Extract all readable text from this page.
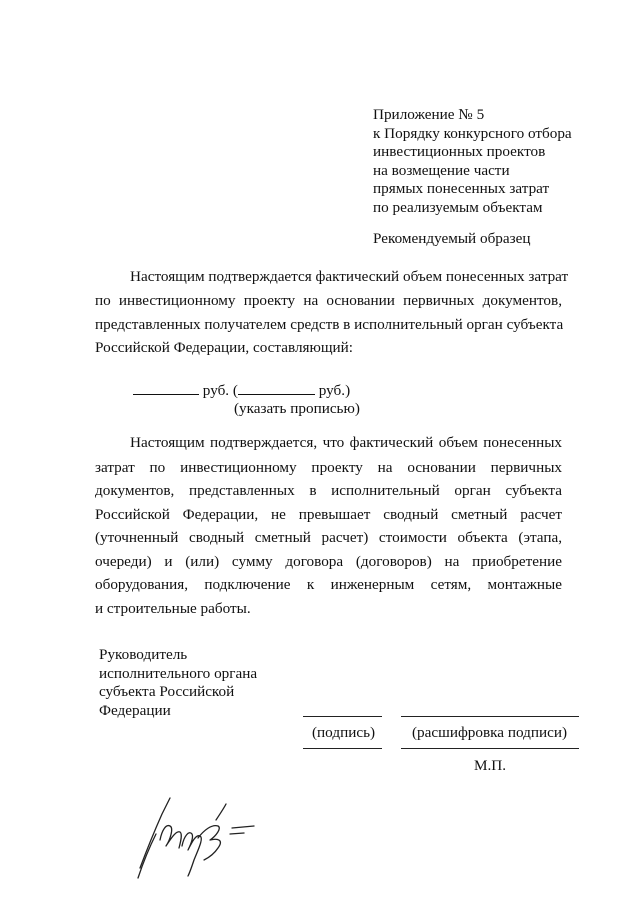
Приложение № 5
к Порядку конкурсного отбора
инвестиционных проектов
на возмещение части
прямых понесенных затрат
по реализуемым объектам
Рекомендуемый образец
Настоящим подтверждается фактический объем понесенных затрат
по инвестиционному проекту на основании первичных документов,
представленных получателем средств в исполнительный орган субъекта
Российской Федерации, составляющий:
руб. (	руб.)
(указать прописью)
Настоящим подтверждается, что фактический объем понесенных
затрат по инвестиционному проекту на основании первичных
документов, представленных в исполнительный орган субъекта
Российской Федерации, не превышает сводный сметный расчет
(уточненный сводный сметный расчет) стоимости объекта (этапа,
очереди) и (или) сумму договора (договоров) на приобретение
оборудования, подключение к инженерным сетям, монтажные
и строительные работы.
Руководитель
исполнительного органа
субъекта Российской
Федерации
(подпись) (расшифровка подписи)
М.П.
